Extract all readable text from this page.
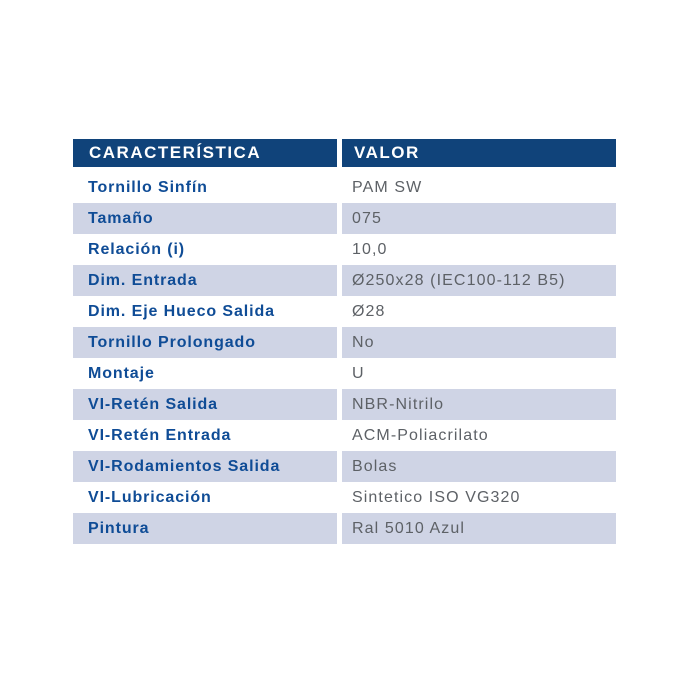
CARACTERÍSTICA	VALOR
Tornillo Sinfín	PAM SW
Tamaño	075
Relación (i)	10,0
Dim. Entrada	Ø250x28 (IEC100-112 B5)
Dim. Eje Hueco Salida	Ø28
Tornillo Prolongado	No
Montaje	U
VI-Retén Salida	NBR-Nitrilo
VI-Retén Entrada	ACM-Poliacrilato
VI-Rodamientos Salida	Bolas
VI-Lubricación	Sintetico ISO VG320
Pintura	Ral 5010 Azul
